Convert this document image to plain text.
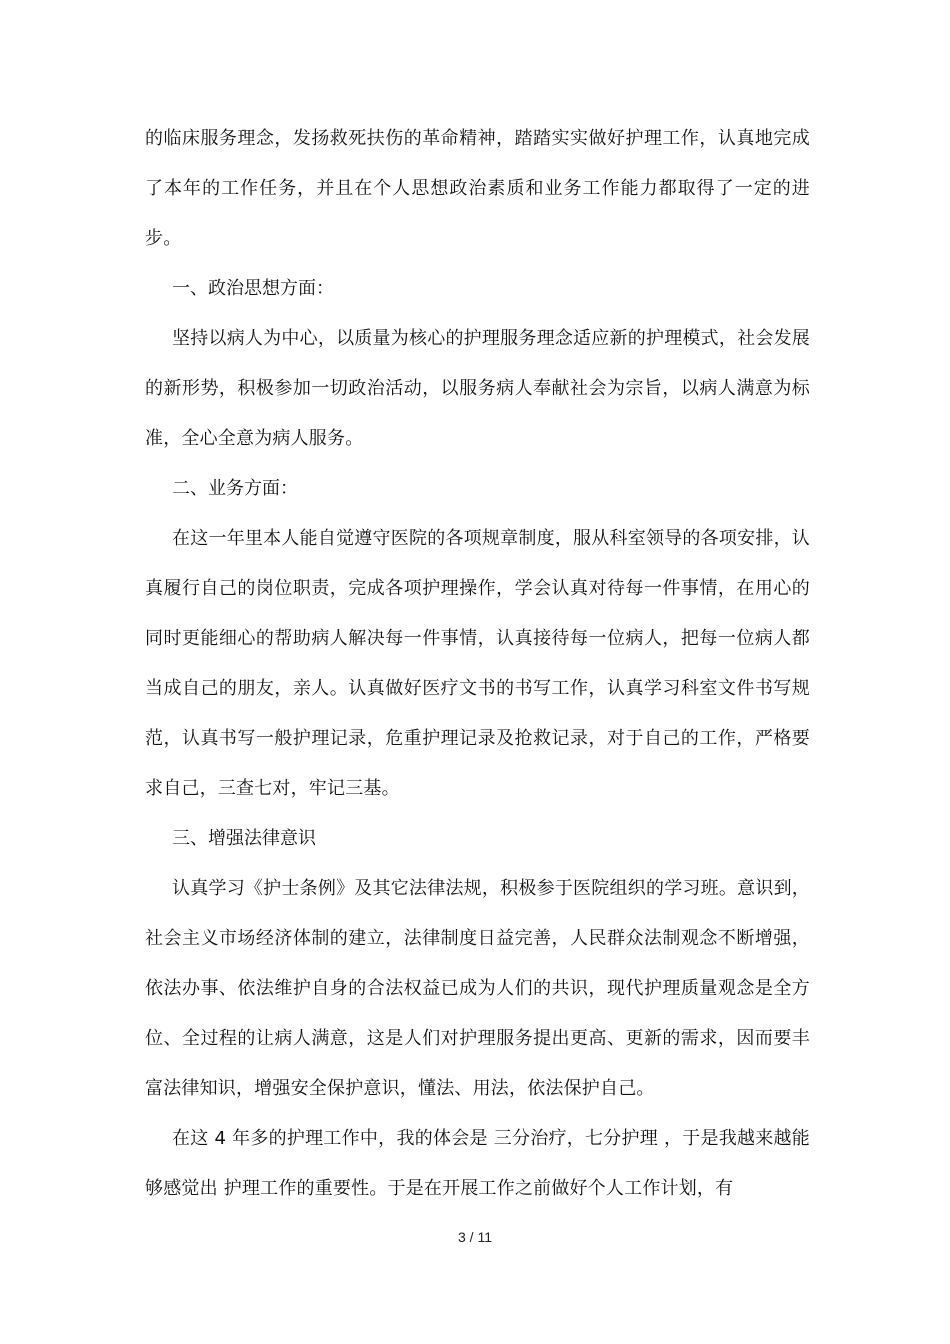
的临床服务理念，发扬救死扶伤的革命精神，踏踏实实做好护理工作，认真地完成了本年的工作任务，并且在个人思想政治素质和业务工作能力都取得了一定的进步。

一、政治思想方面：

坚持以病人为中心，以质量为核心的护理服务理念适应新的护理模式，社会发展的新形势，积极参加一切政治活动，以服务病人奉献社会为宗旨，以病人满意为标准，全心全意为病人服务。

二、业务方面：

在这一年里本人能自觉遵守医院的各项规章制度，服从科室领导的各项安排，认真履行自己的岗位职责，完成各项护理操作，学会认真对待每一件事情，在用心的同时更能细心的帮助病人解决每一件事情，认真接待每一位病人，把每一位病人都当成自己的朋友，亲人。认真做好医疗文书的书写工作，认真学习科室文件书写规范，认真书写一般护理记录，危重护理记录及抢救记录，对于自己的工作，严格要求自己，三查七对，牢记三基。

三、增强法律意识

认真学习《护士条例》及其它法律法规，积极参于医院组织的学习班。意识到，社会主义市场经济体制的建立，法律制度日益完善，人民群众法制观念不断增强，依法办事、依法维护自身的合法权益已成为人们的共识，现代护理质量观念是全方位、全过程的让病人满意，这是人们对护理服务提出更高、更新的需求，因而要丰富法律知识，增强安全保护意识，懂法、用法，依法保护自己。

在这 4 年多的护理工作中，我的体会是 三分治疗，七分护理 ，于是我越来越能够感觉出 护理工作的重要性。于是在开展工作之前做好个人工作计划，有

3 / 11
